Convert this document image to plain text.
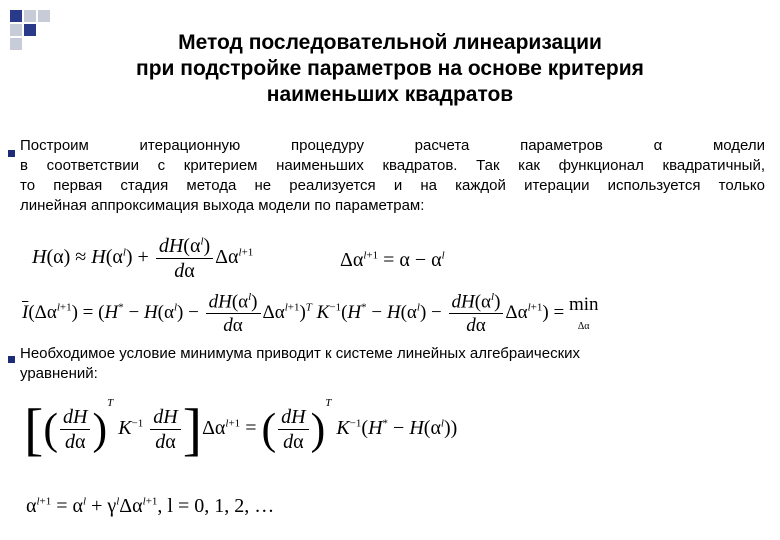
Метод последовательной линеаризации
при подстройке параметров на основе критерия
наименьших квадратов
Построим итерационную процедуру расчета параметров α модели
в соответствии с критерием наименьших квадратов. Так как функционал квадратичный,
то первая стадия метода не реализуется и на каждой итерации используется только
линейная аппроксимация выхода модели по параметрам:
$H(\alpha) \approx H(\alpha^l) + \frac{dH(\alpha^l)}{d\alpha} \Delta\alpha^{l+1}$	$\Delta\alpha^{l+1} = \alpha - \alpha^l$
$\overline{I}(\Delta\alpha^{l+1}) = (H^* - H(\alpha^l) - \frac{dH(\alpha^l)}{d\alpha} \Delta\alpha^{l+1})^T$ $K^{-1}(H^* - H(\alpha^l) - \frac{dH(\alpha^l)}{d\alpha} \Delta\alpha^{l+1}) = \min$
Δα
Необходимое условие минимума приводит к системе линейных алгебраических
уравнений:
[( $\frac{dH}{d\alpha} )^T$ $K^{-1} \frac{dH}{d\alpha} ]\Delta\alpha^{l+1}$ = ( $\frac{dH}{d\alpha} )^T$ $K^{-1}(H^* - H(\alpha^l))$
$\alpha^{l+1} = \alpha^l + \gamma^l\Delta\alpha^{l+1}$, l = 0, 1, 2, …
